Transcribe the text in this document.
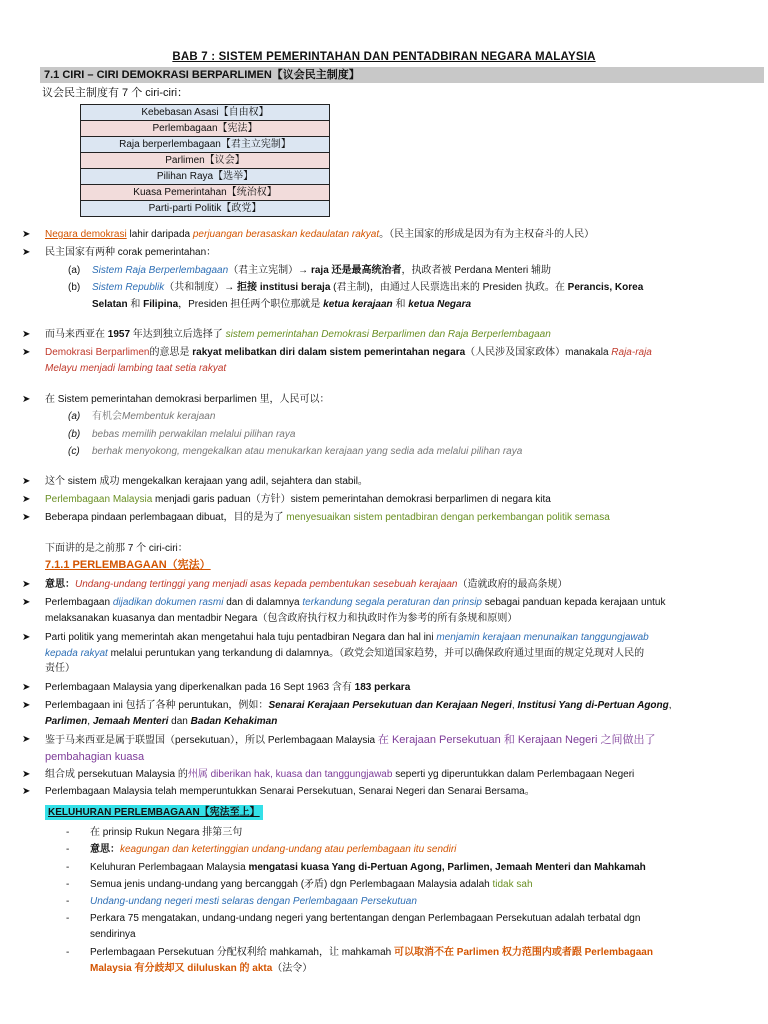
BAB 7 : SISTEM PEMERINTAHAN DAN PENTADBIRAN NEGARA MALAYSIA
7.1 CIRI – CIRI DEMOKRASI BERPARLIMEN【议会民主制度】
议会民主制度有 7 个 ciri-ciri：
Kebebasan Asasi【自由权】
Perlembagaan【宪法】
Raja berperlembagaan【君主立宪制】
Parlimen【议会】
Pilihan Raya【选举】
Kuasa Pemerintahan【统治权】
Parti-parti Politik【政党】
➤ Negara demokrasi lahir daripada perjuangan berasaskan kedaulatan rakyat。（民主国家的形成是因为有为主权奋斗的人民）
➤ 民主国家有两种 corak pemerintahan：
(a) Sistem Raja Berperlembagaan（君主立宪制）→ raja 还是最高统治者，执政者被 Perdana Menteri 辅助
(b) Sistem Republik（共和制度）→ 拒接 institusi beraja (君主制)，由通过人民票选出来的 Presiden 执政。在 Perancis, Korea
Selatan 和 Filipina，Presiden 担任两个职位那就是 ketua kerajaan 和 ketua Negara
➤ 而马来西亚在 1957 年达到独立后选择了 sistem pemerintahan Demokrasi Berparlimen dan Raja Berperlembagaan
➤ Demokrasi Berparlimen的意思是 rakyat melibatkan diri dalam sistem pemerintahan negara（人民涉及国家政体）manakala Raja-raja
Melayu menjadi lambing taat setia rakyat
➤ 在 Sistem pemerintahan demokrasi berparlimen 里，人民可以：
(a) 有机会Membentuk kerajaan
(b) bebas memilih perwakilan melalui pilihan raya
(c) berhak menyokong, mengekalkan atau menukarkan kerajaan yang sedia ada melalui pilihan raya
➤ 这个 sistem 成功 mengekalkan kerajaan yang adil, sejahtera dan stabil。
➤ Perlembagaan Malaysia menjadi garis paduan（方针）sistem pemerintahan demokrasi berparlimen di negara kita
➤ Beberapa pindaan perlembagaan dibuat，目的是为了 menyesuaikan sistem pentadbiran dengan perkembangan politik semasa
下面讲的是之前那 7 个 ciri-ciri：
7.1.1 PERLEMBAGAAN（宪法）
➤ 意思：Undang-undang tertinggi yang menjadi asas kepada pembentukan sesebuah kerajaan（造就政府的最高条规）
➤ Perlembagaan dijadikan dokumen rasmi dan di dalamnya terkandung segala peraturan dan prinsip sebagai panduan kepada kerajaan untuk
melaksanakan kuasanya dan mentadbir Negara（包含政府执行权力和执政时作为参考的所有条规和原则）
➤ Parti politik yang memerintah akan mengetahui hala tuju pentadbiran Negara dan hal ini menjamin kerajaan menunaikan tanggungjawab
kepada rakyat melalui peruntukan yang terkandung di dalamnya。（政党会知道国家趋势，并可以确保政府通过里面的规定兑现对人民的
责任）
➤ Perlembagaan Malaysia yang diperkenalkan pada 16 Sept 1963 含有 183 perkara
➤ Perlembagaan ini 包括了各种 peruntukan，例如：Senarai Kerajaan Persekutuan dan Kerajaan Negeri, Institusi Yang di-Pertuan Agong,
Parlimen, Jemaah Menteri dan Badan Kehakiman
➤ 鉴于马来西亚是属于联盟国（persekutuan），所以 Perlembagaan Malaysia 在 Kerajaan Persekutuan 和 Kerajaan Negeri 之间做出了
pembahagian kuasa
➤ 组合成 persekutuan Malaysia 的州属 diberikan hak, kuasa dan tanggungjawab seperti yg diperuntukkan dalam Perlembagaan Negeri
➤ Perlembagaan Malaysia telah memperuntukkan Senarai Persekutuan, Senarai Negeri dan Senarai Bersama。
KELUHURAN PERLEMBAGAAN【宪法至上】
- 在 prinsip Rukun Negara 排第三句
- 意思：keagungan dan ketertinggian undang-undang atau perlembagaan itu sendiri
- Keluhuran Perlembagaan Malaysia mengatasi kuasa Yang di-Pertuan Agong, Parlimen, Jemaah Menteri dan Mahkamah
- Semua jenis undang-undang yang bercanggah (矛盾) dgn Perlembagaan Malaysia adalah tidak sah
- Undang-undang negeri mesti selaras dengan Perlembagaan Persekutuan
- Perkara 75 mengatakan, undang-undang negeri yang bertentangan dengan Perlembagaan Persekutuan adalah terbatal dgn
sendirinya
- Perlembagaan Persekutuan 分配权利给 mahkamah，让 mahkamah 可以取消不在 Parlimen 权力范围内或者跟 Perlembagaan
Malaysia 有分歧却又 diluluskan 的 akta（法令）
